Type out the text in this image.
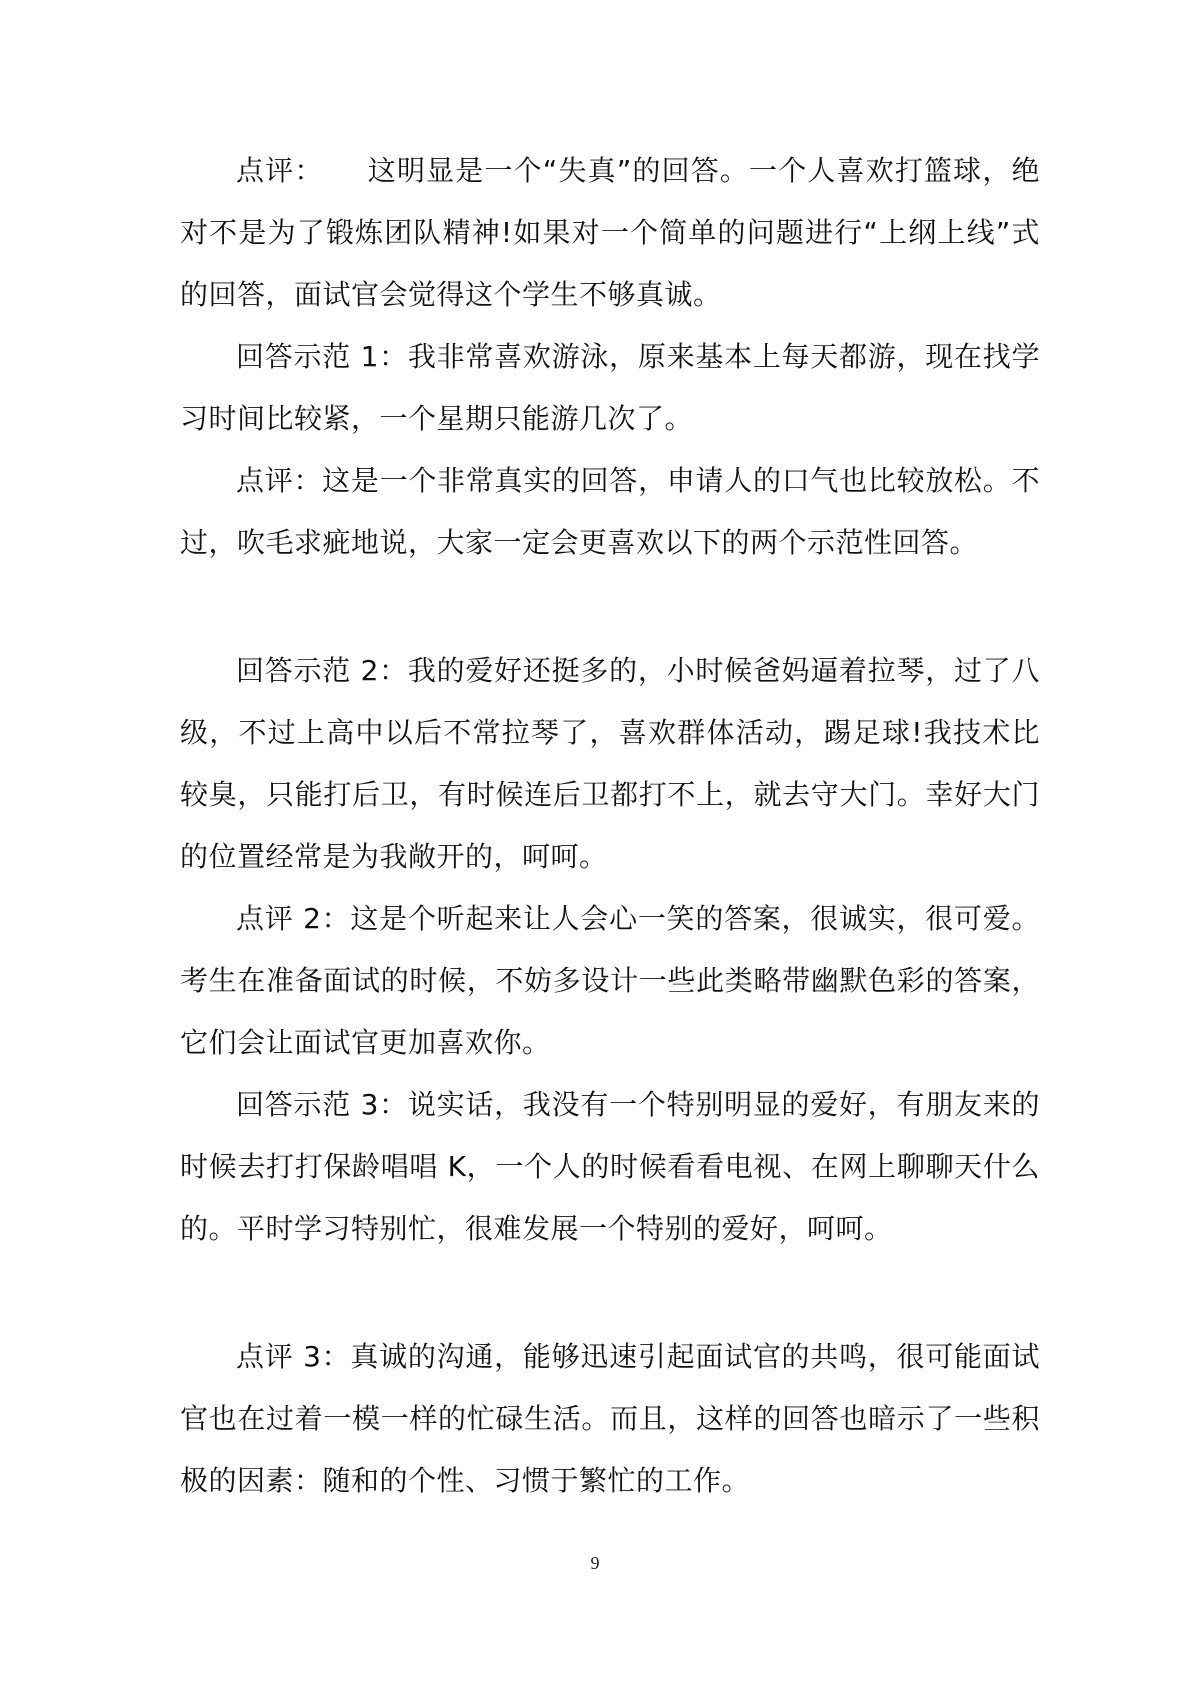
点评：　　这明显是一个“失真”的回答。一个人喜欢打篮球，绝对不是为了锻炼团队精神!如果对一个简单的问题进行“上纲上线”式的回答，面试官会觉得这个学生不够真诚。

回答示范 1：我非常喜欢游泳，原来基本上每天都游，现在找学习时间比较紧，一个星期只能游几次了。

点评：这是一个非常真实的回答，申请人的口气也比较放松。不过，吹毛求疵地说，大家一定会更喜欢以下的两个示范性回答。

回答示范 2：我的爱好还挺多的，小时候爸妈逼着拉琴，过了八级，不过上高中以后不常拉琴了，喜欢群体活动，踢足球!我技术比较臭，只能打后卫，有时候连后卫都打不上，就去守大门。幸好大门的位置经常是为我敞开的，呵呵。

点评 2：这是个听起来让人会心一笑的答案，很诚实，很可爱。考生在准备面试的时候，不妨多设计一些此类略带幽默色彩的答案，它们会让面试官更加喜欢你。

回答示范 3：说实话，我没有一个特别明显的爱好，有朋友来的时候去打打保龄唱唱 K，一个人的时候看看电视、在网上聊聊天什么的。平时学习特别忙，很难发展一个特别的爱好，呵呵。

点评 3：真诚的沟通，能够迅速引起面试官的共鸣，很可能面试官也在过着一模一样的忙碌生活。而且，这样的回答也暗示了一些积极的因素：随和的个性、习惯于繁忙的工作。

9
